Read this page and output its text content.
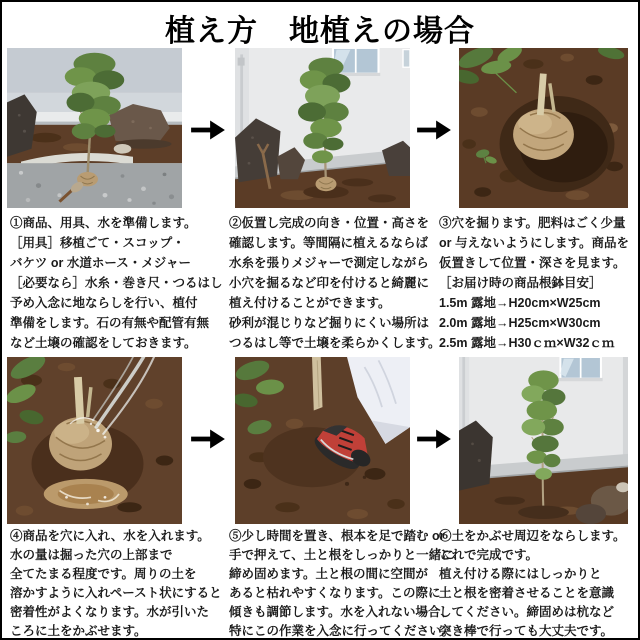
植え方　地植えの場合
①商品、用具、水を準備します。
［用具］移植ごて・スコップ・
バケツ or 水道ホース・メジャー
［必要なら］水糸・巻き尺・つるはし
予め入念に地ならしを行い、植付
準備をします。石の有無や配管有無
など土壌の確認をしておきます。
②仮置し完成の向き・位置・高さを
確認します。等間隔に植えるならば
水糸を張りメジャーで測定しながら
小穴を掘るなど印を付けると綺麗に
植え付けることができます。
砂利が混じりなど掘りにくい場所は
つるはし等で土壌を柔らかくします。
③穴を掘ります。肥料はごく少量
or 与えないようにします。商品を
仮置きして位置・深さを見ます。
［お届け時の商品根鉢目安］
1.5m 露地→H20cm×W25cm
2.0m 露地→H25cm×W30cm
2.5m 露地→H30ｃｍ×W32ｃｍ
④商品を穴に入れ、水を入れます。
水の量は掘った穴の上部まで
全てたまる程度です。周りの土を
溶かすように入れペースト状にすると
密着性がよくなります。水が引いた
ころに土をかぶせます。
⑤少し時間を置き、根本を足で踏む or
手で押えて、土と根をしっかりと一緒に
締め固めます。土と根の間に空間が
あると枯れやすくなります。この際に
傾きも調節します。水を入れない場合、
特にこの作業を入念に行ってください。
⑥土をかぶせ周辺をならします。
これで完成です。
植え付ける際にはしっかりと
土と根を密着させることを意識
してください。締固めは杭など
突き棒で行っても大丈夫です。
